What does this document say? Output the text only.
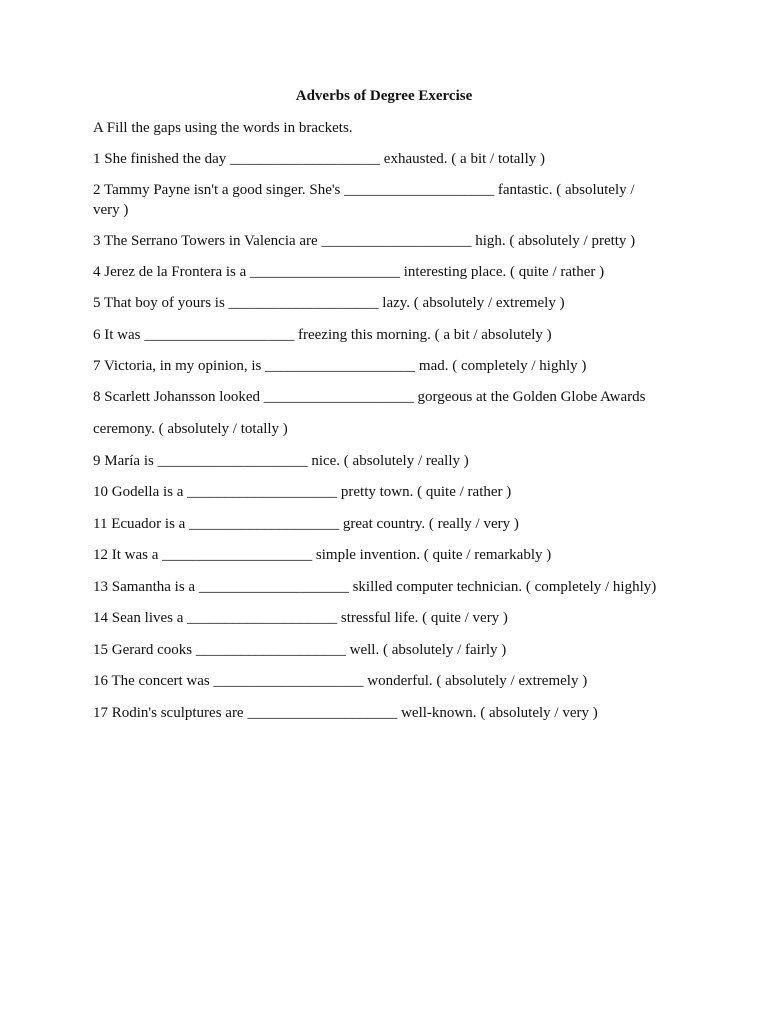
Adverbs of Degree Exercise
A Fill the gaps using the words in brackets.
1 She finished the day ____________________ exhausted. ( a bit / totally )
2 Tammy Payne isn't a good singer. She's ____________________ fantastic. ( absolutely /
very )
3 The Serrano Towers in Valencia are ____________________ high. ( absolutely / pretty )
4 Jerez de la Frontera is a ____________________ interesting place. ( quite / rather )
5 That boy of yours is ____________________ lazy. ( absolutely / extremely )
6 It was ____________________ freezing this morning. ( a bit / absolutely )
7 Victoria, in my opinion, is ____________________ mad. ( completely / highly )
8 Scarlett Johansson looked ____________________ gorgeous at the Golden Globe Awards
ceremony. ( absolutely / totally )
9 María is ____________________ nice. ( absolutely / really )
10 Godella is a ____________________ pretty town. ( quite / rather )
11 Ecuador is a ____________________ great country. ( really / very )
12 It was a ____________________ simple invention. ( quite / remarkably )
13 Samantha is a ____________________ skilled computer technician. ( completely / highly)
14 Sean lives a ____________________ stressful life. ( quite / very )
15 Gerard cooks ____________________ well. ( absolutely / fairly )
16 The concert was ____________________ wonderful. ( absolutely / extremely )
17 Rodin's sculptures are ____________________ well-known. ( absolutely / very )
